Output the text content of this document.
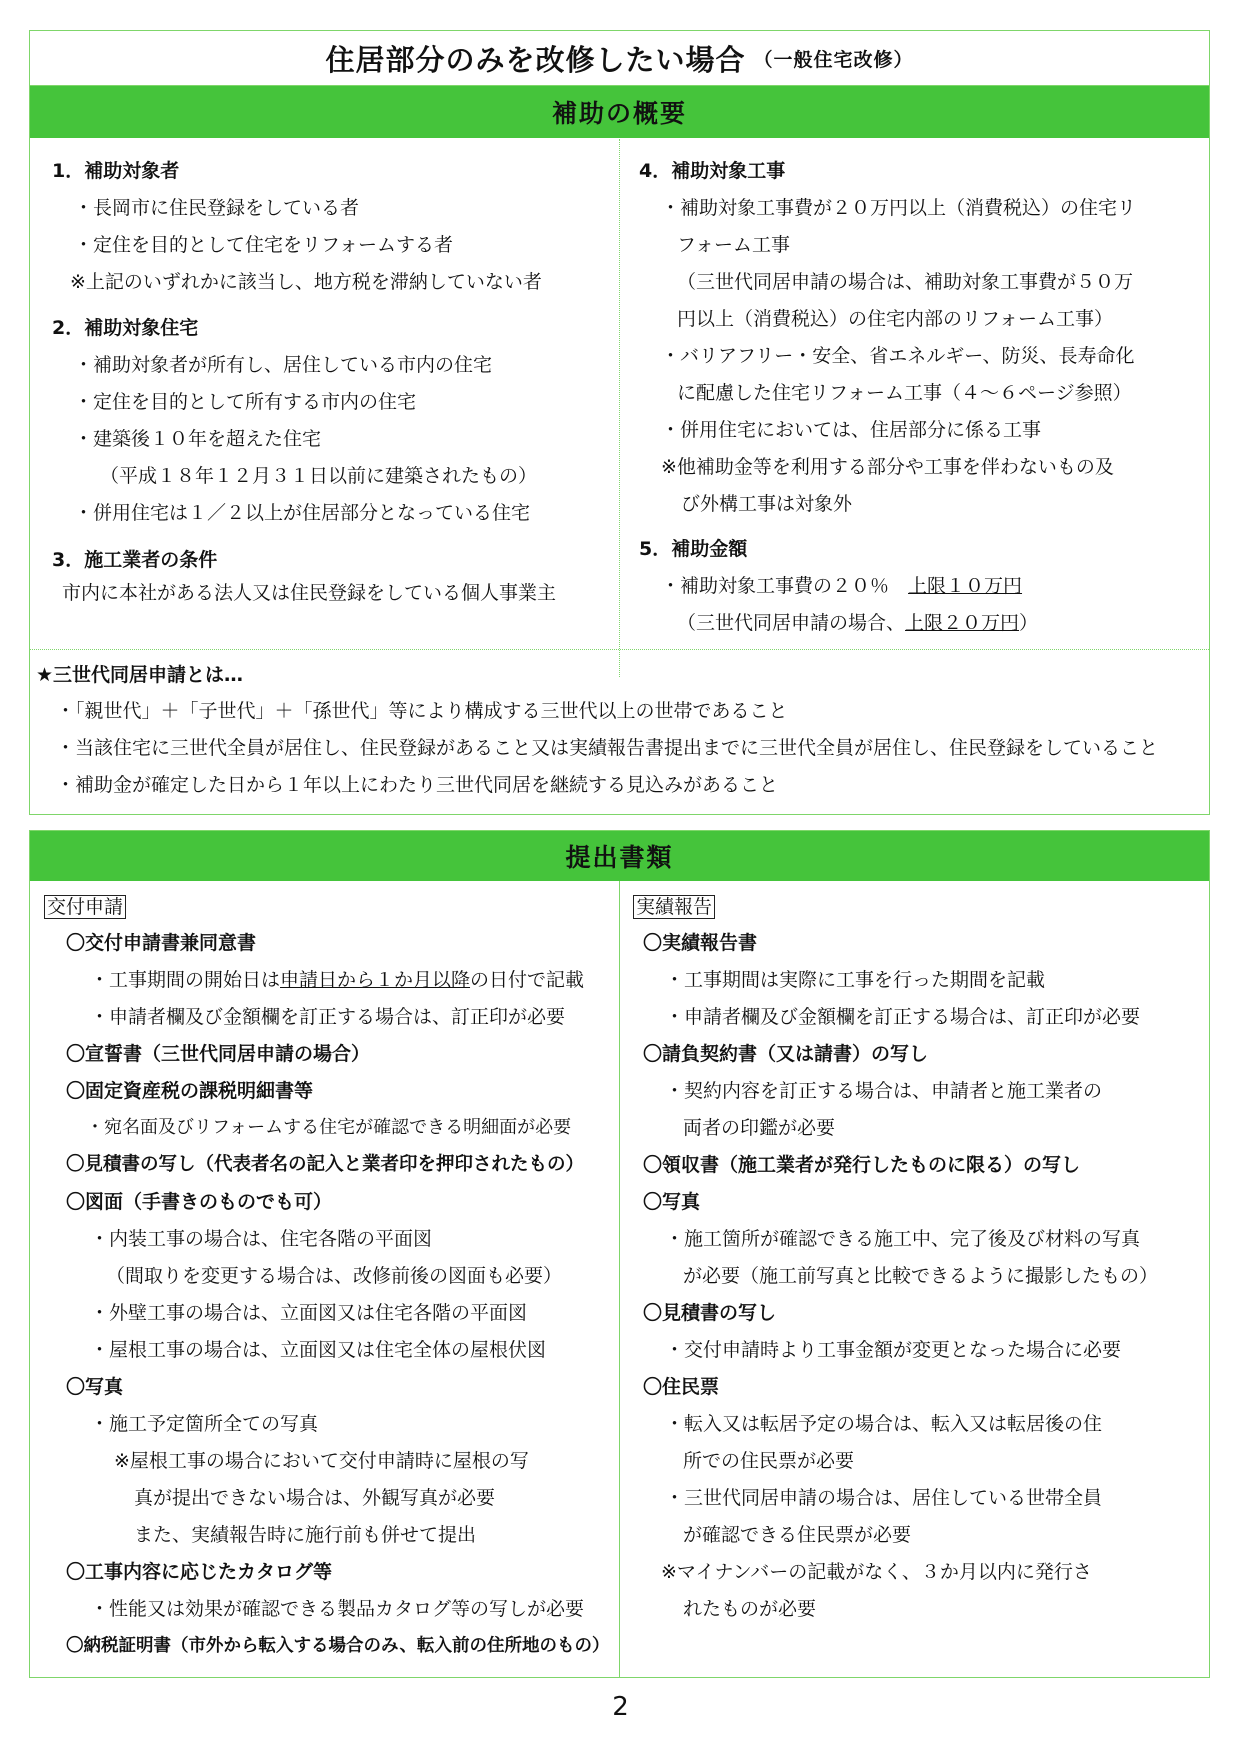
住居部分のみを改修したい場合 （一般住宅改修）
補助の概要
1．補助対象者
・長岡市に住民登録をしている者
・定住を目的として住宅をリフォームする者
※上記のいずれかに該当し、地方税を滞納していない者
2．補助対象住宅
・補助対象者が所有し、居住している市内の住宅
・定住を目的として所有する市内の住宅
・建築後１０年を超えた住宅
（平成１８年１２月３１日以前に建築されたもの）
・併用住宅は１／２以上が住居部分となっている住宅
3．施工業者の条件
市内に本社がある法人又は住民登録をしている個人事業主
4．補助対象工事
・補助対象工事費が２０万円以上（消費税込）の住宅リ
フォーム工事
（三世代同居申請の場合は、補助対象工事費が５０万
円以上（消費税込）の住宅内部のリフォーム工事）
・バリアフリー・安全、省エネルギー、防災、長寿命化
に配慮した住宅リフォーム工事（４～６ページ参照）
・併用住宅においては、住居部分に係る工事
※他補助金等を利用する部分や工事を伴わないもの及
び外構工事は対象外
5．補助金額
・補助対象工事費の２０％　上限１０万円
（三世代同居申請の場合、上限２０万円）
★三世代同居申請とは…
・「親世代」＋「子世代」＋「孫世代」等により構成する三世代以上の世帯であること
・当該住宅に三世代全員が居住し、住民登録があること又は実績報告書提出までに三世代全員が居住し、住民登録をしていること
・補助金が確定した日から１年以上にわたり三世代同居を継続する見込みがあること
提出書類
交付申請
〇交付申請書兼同意書
・工事期間の開始日は申請日から１か月以降の日付で記載
・申請者欄及び金額欄を訂正する場合は、訂正印が必要
〇宣誓書（三世代同居申請の場合）
〇固定資産税の課税明細書等
・宛名面及びリフォームする住宅が確認できる明細面が必要
〇見積書の写し（代表者名の記入と業者印を押印されたもの）
〇図面（手書きのものでも可）
・内装工事の場合は、住宅各階の平面図
（間取りを変更する場合は、改修前後の図面も必要）
・外壁工事の場合は、立面図又は住宅各階の平面図
・屋根工事の場合は、立面図又は住宅全体の屋根伏図
〇写真
・施工予定箇所全ての写真
※屋根工事の場合において交付申請時に屋根の写
真が提出できない場合は、外観写真が必要
また、実績報告時に施行前も併せて提出
〇工事内容に応じたカタログ等
・性能又は効果が確認できる製品カタログ等の写しが必要
〇納税証明書（市外から転入する場合のみ、転入前の住所地のもの）
実績報告
〇実績報告書
・工事期間は実際に工事を行った期間を記載
・申請者欄及び金額欄を訂正する場合は、訂正印が必要
〇請負契約書（又は請書）の写し
・契約内容を訂正する場合は、申請者と施工業者の
両者の印鑑が必要
〇領収書（施工業者が発行したものに限る）の写し
〇写真
・施工箇所が確認できる施工中、完了後及び材料の写真
が必要（施工前写真と比較できるように撮影したもの）
〇見積書の写し
・交付申請時より工事金額が変更となった場合に必要
〇住民票
・転入又は転居予定の場合は、転入又は転居後の住
所での住民票が必要
・三世代同居申請の場合は、居住している世帯全員
が確認できる住民票が必要
※マイナンバーの記載がなく、３か月以内に発行さ
れたものが必要
2
